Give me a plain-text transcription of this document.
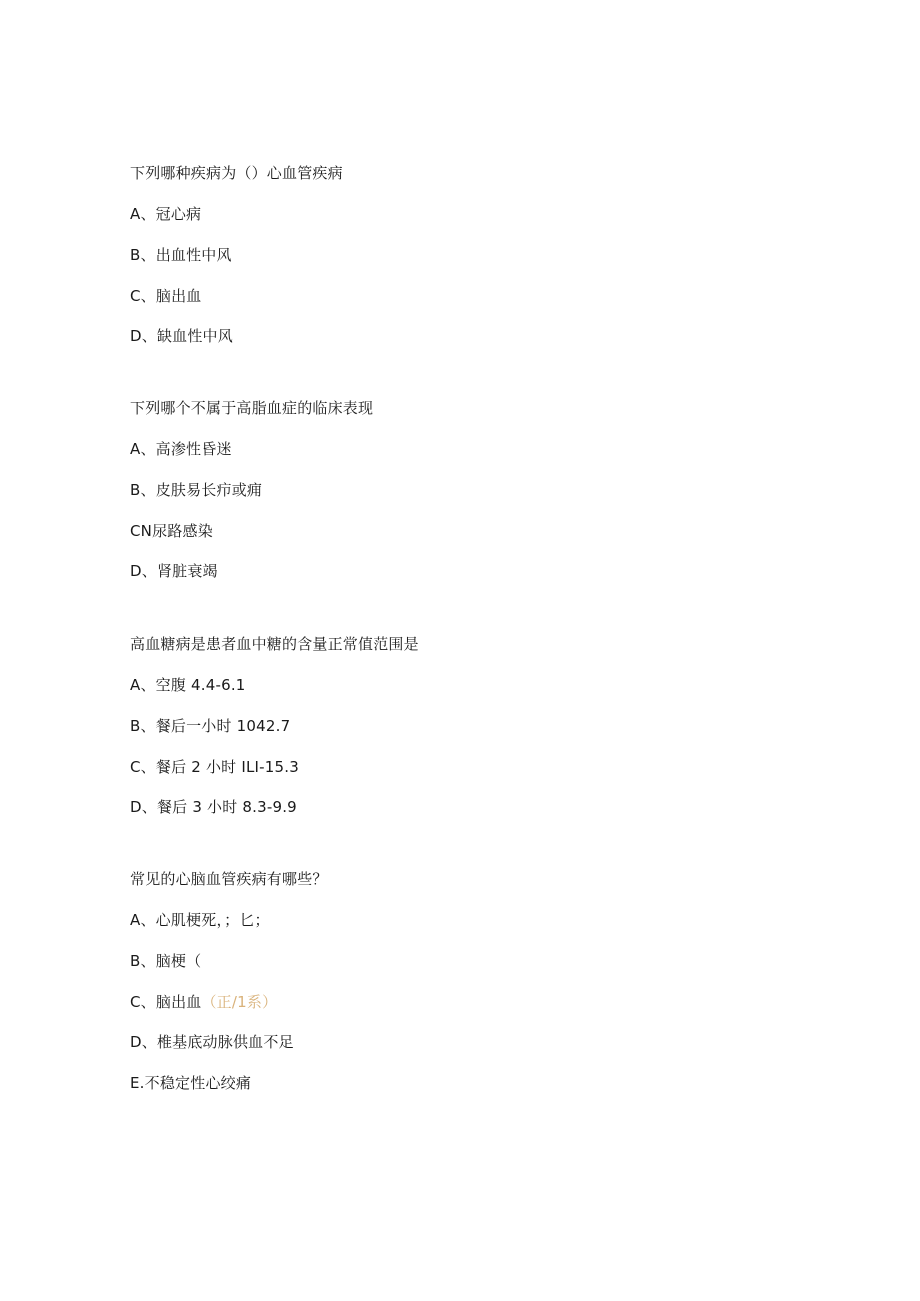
下列哪种疾病为（）心血管疾病
A、冠心病
B、出血性中风
C、脑出血
D、缺血性中风
下列哪个不属于高脂血症的临床表现
A、高渗性昏迷
B、皮肤易长疖或痈
CN尿路感染
D、肾脏衰竭
高血糖病是患者血中糖的含量正常值范围是
A、空腹 4.4-6.1
B、餐后一小时 1042.7
C、餐后 2 小时 ILI-15.3
D、餐后 3 小时 8.3-9.9
常见的心脑血管疾病有哪些？
A、心肌梗死，；匕；
B、脑梗（
C、脑出血（正/1系）
D、椎基底动脉供血不足
E.不稳定性心绞痛
